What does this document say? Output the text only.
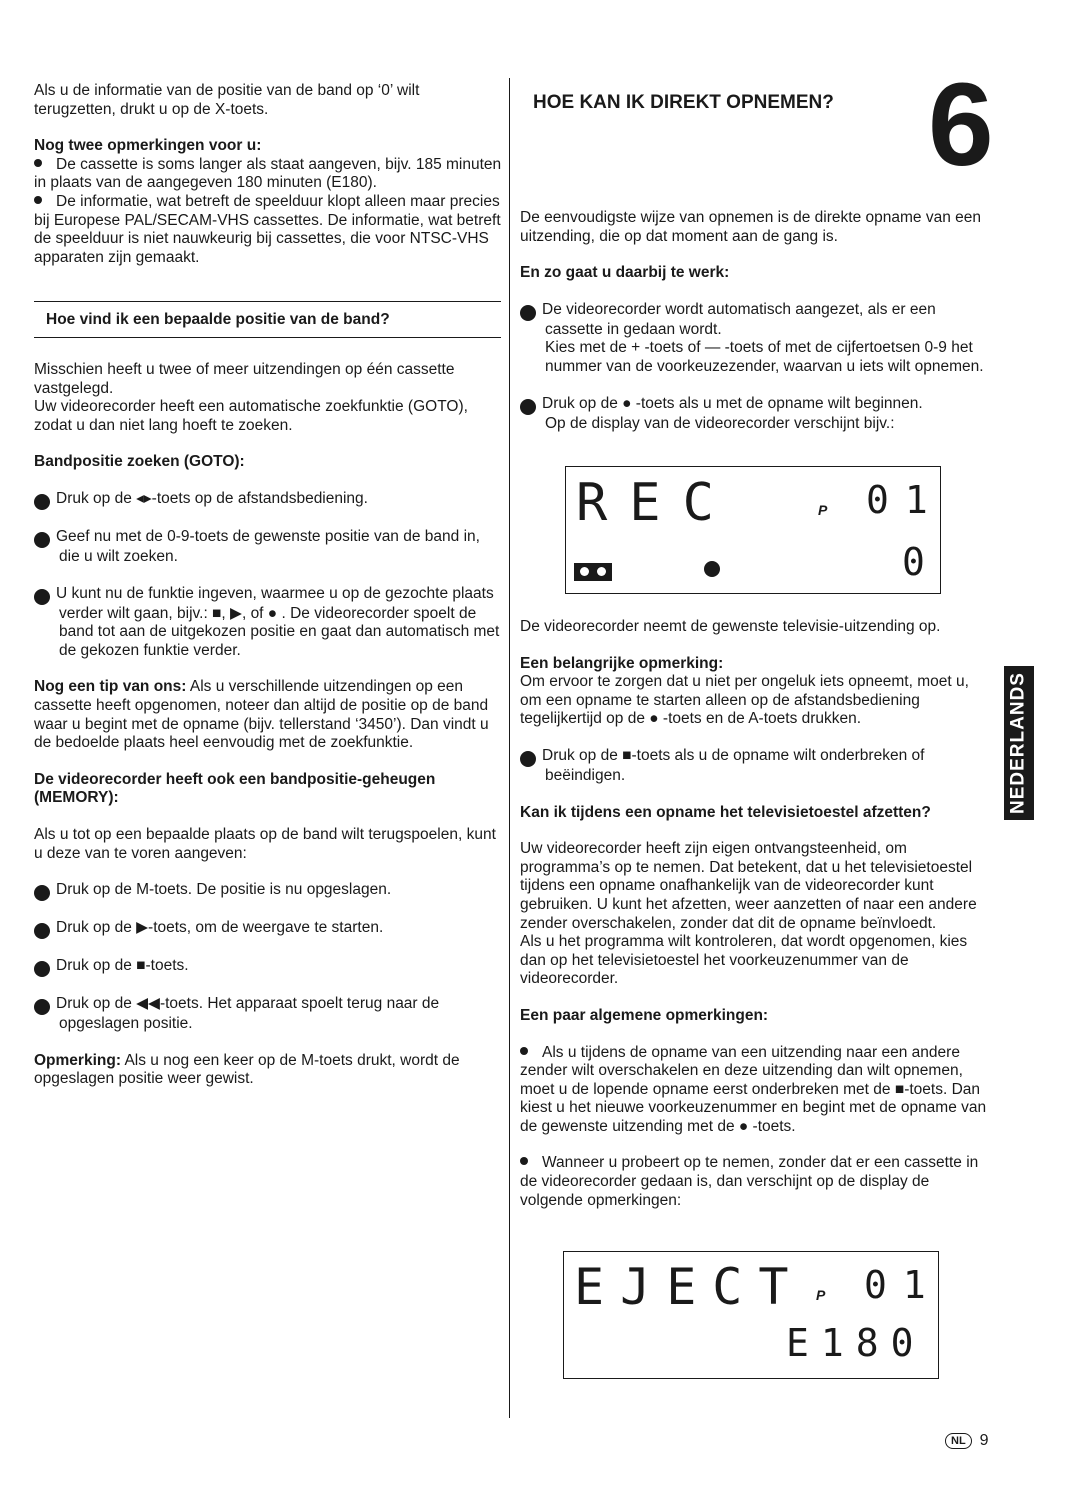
Als u de informatie van de positie van de band op ‘0’ wilt terugzetten, drukt u op de X-toets.

Nog twee opmerkingen voor u:

De cassette is soms langer als staat aangeven, bijv. 185 minuten in plaats van de aangegeven 180 minuten (E180).

De informatie, wat betreft de speelduur klopt alleen maar precies bij Europese PAL/SECAM-VHS cassettes. De informatie, wat betreft de speelduur is niet nauwkeurig bij cassettes, die voor NTSC-VHS apparaten zijn gemaakt.

Hoe vind ik een bepaalde positie van de band?

Misschien heeft u twee of meer uitzendingen op één cassette vastgelegd.

Uw videorecorder heeft een automatische zoekfunktie (GOTO), zodat u dan niet lang hoeft te zoeken.

Bandpositie zoeken (GOTO):

1 Druk op de ◂▸-toets op de afstandsbediening.

2 Geef nu met de 0-9-toets de gewenste positie van de band in, die u wilt zoeken.

3 U kunt nu de funktie ingeven, waarmee u op de gezochte plaats verder wilt gaan, bijv.: ■, ▶, of ● . De videorecorder spoelt de band tot aan de uitgekozen positie en gaat dan automatisch met de gekozen funktie verder.

Nog een tip van ons: Als u verschillende uitzendingen op een cassette heeft opgenomen, noteer dan altijd de positie op de band waar u begint met de opname (bijv. tellerstand ‘3450’). Dan vindt u de bedoelde plaats heel eenvoudig met de zoekfunktie.

De videorecorder heeft ook een bandpositie-geheugen (MEMORY):

Als u tot op een bepaalde plaats op de band wilt terugspoelen, kunt u deze van te voren aangeven:

1 Druk op de M-toets. De positie is nu opgeslagen.

2 Druk op de ▶-toets, om de weergave te starten.

3 Druk op de ■-toets.

4 Druk op de ◀◀-toets. Het apparaat spoelt terug naar de opgeslagen positie.

Opmerking: Als u nog een keer op de M-toets drukt, wordt de opgeslagen positie weer gewist.

HOE KAN IK DIREKT OPNEMEN? 6

De eenvoudigste wijze van opnemen is de direkte opname van een uitzending, die op dat moment aan de gang is.

En zo gaat u daarbij te werk:

1 De videorecorder wordt automatisch aangezet, als er een cassette in gedaan wordt.

Kies met de + -toets of — -toets of met de cijfertoetsen 0-9 het nummer van de voorkeuzezender, waarvan u iets wilt opnemen.

2 Druk op de ● -toets als u met de opname wilt beginnen.

Op de display van de videorecorder verschijnt bijv.:

REC	P 01
0

De videorecorder neemt de gewenste televisie-uitzending op.

Een belangrijke opmerking:

Om ervoor te zorgen dat u niet per ongeluk iets opneemt, moet u, om een opname te starten alleen op de afstandsbediening tegelijkertijd op de ● -toets en de A-toets drukken.

3 Druk op de ■-toets als u de opname wilt onderbreken of beëindigen.

Kan ik tijdens een opname het televisietoestel afzetten?

Uw videorecorder heeft zijn eigen ontvangsteenheid, om programma’s op te nemen. Dat betekent, dat u het televisietoestel tijdens een opname onafhankelijk van de videorecorder kunt gebruiken. U kunt het afzetten, weer aanzetten of naar een andere zender overschakelen, zonder dat dit de opname beïnvloedt.

Als u het programma wilt kontroleren, dat wordt opgenomen, kies dan op het televisietoestel het voorkeuzenummer van de videorecorder.

Een paar algemene opmerkingen:

Als u tijdens de opname van een uitzending naar een andere zender wilt overschakelen en deze uitzending dan wilt opnemen, moet u de lopende opname eerst onderbreken met de ■-toets. Dan kiest u het nieuwe voorkeuzenummer en begint met de opname van de gewenste uitzending met de ● -toets.

Wanneer u probeert op te nemen, zonder dat er een cassette in de videorecorder gedaan is, dan verschijnt op de display de volgende opmerkingen:

EJECT P 01
E180
NEDERLANDS
NL 9
